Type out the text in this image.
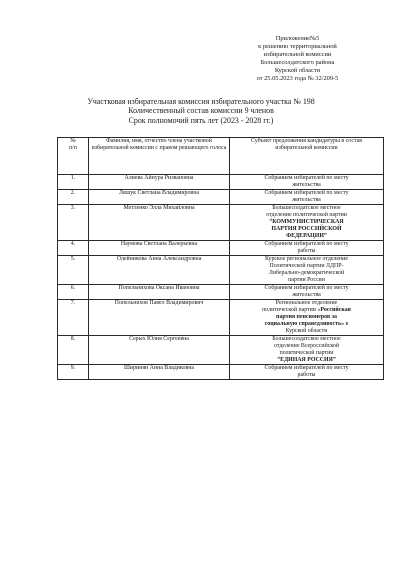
Приложение№5
к решению территориальной
избирательной комиссии
Большесолдатского района
Курской области
от 25.05.2023 года № 32/209-5
Участковая избирательная комиссия избирательного участка № 198
Количественный состав комиссии 9 членов
Срок полномочий пять лет (2023 - 2028 гг.)
№
п/п	Фамилия, имя, отчество члена участковой избирательной комиссии с правом решающего голоса	Субъект предложения кандидатуры в состав избирательной комиссии
1.	Алиева Айнура Ризвановна	Собранием избирателей по месту
жительства
2.	Ляшук Светлана Владимировна	Собранием избирателей по месту
жительства
3.	Метленко Элла Михайловна	Большесолдатское местное
отделение политической партии
“КОММУНИСТИЧЕСКАЯ
ПАРТИЯ РОССИЙСКОЙ
ФЕДЕРАЦИИ”
4.	Наумова Светлана Валерьевна	Собранием избирателей по месту
работы
5.	Олейникова Анна Александровна	Курское региональное отделение
Политической партии ЛДПР-
Либерально-демократической
партии России
6.	Попельнихова Оксана Ивановна	Собранием избирателей по месту
жительства
7.	Попельнихов Павел Владимирович	Региональное отделение
политической партии «Российская
партия пенсионеров за
социальную справедливость» в
Курской области
8.	Серых Юлия Сергеевна	Большесолдатское местное
отделение Всероссийской
политической партии
“ЕДИНАЯ РОССИЯ”
9.	Ширинян Анна Владиковна	Собранием избирателей по месту
работы
